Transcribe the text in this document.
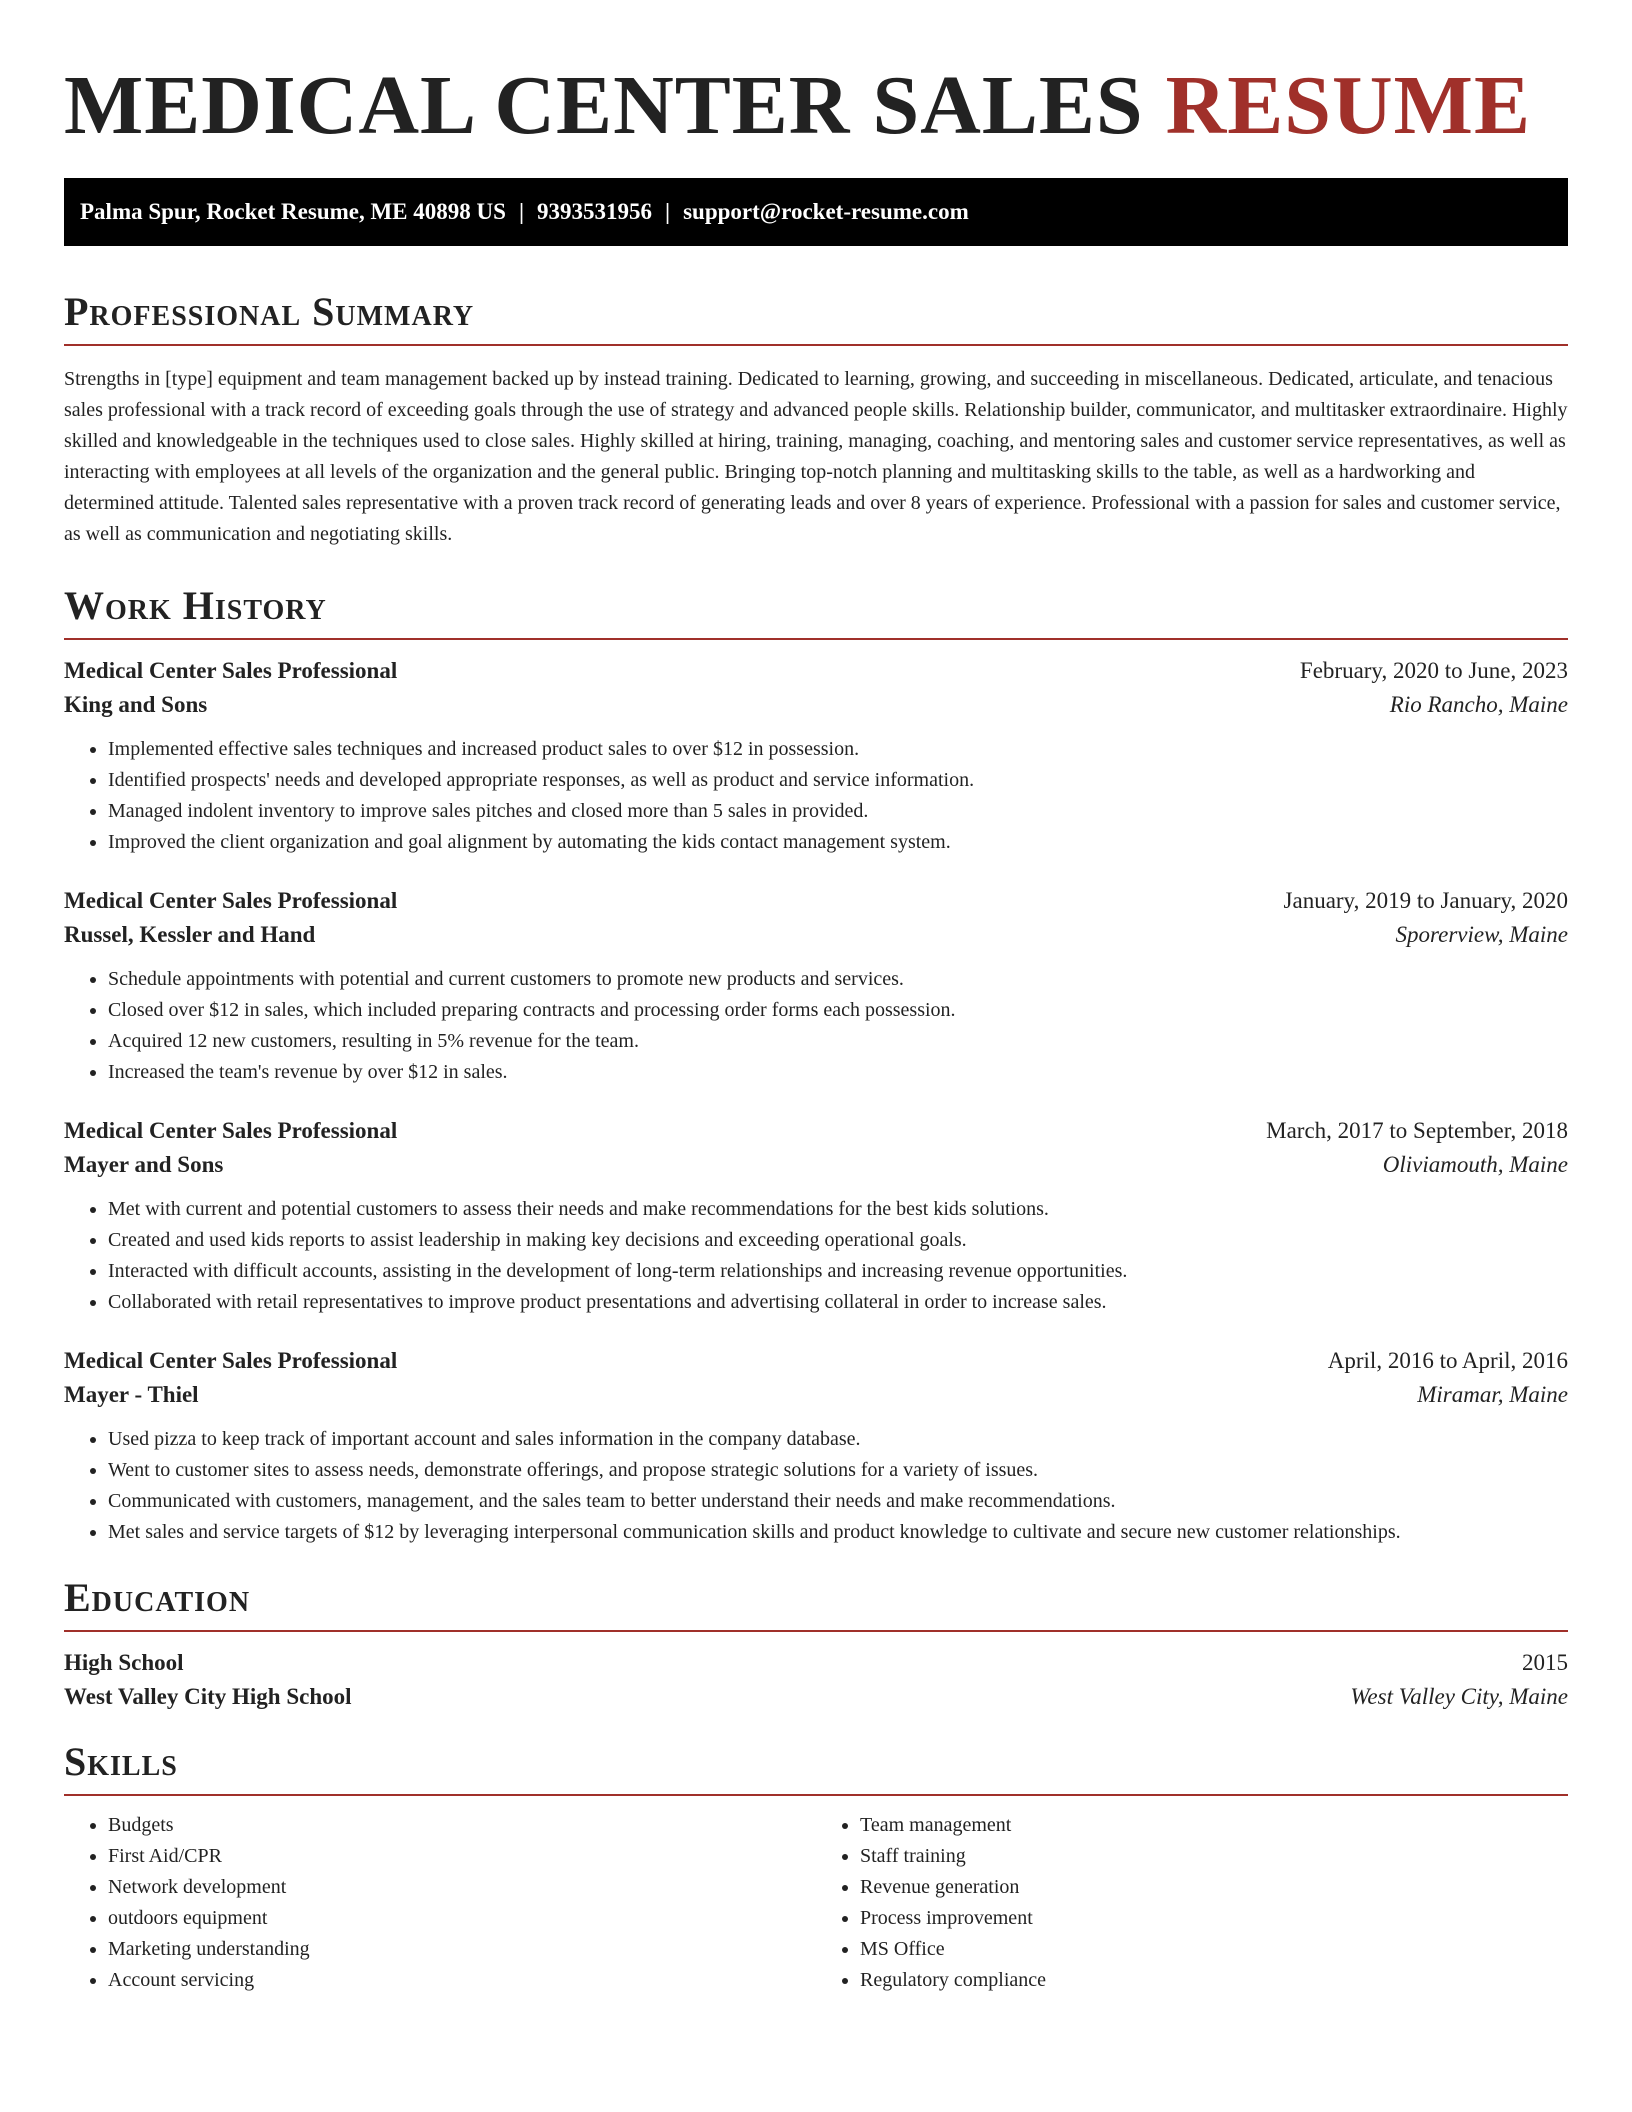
MEDICAL CENTER SALES RESUME
Palma Spur, Rocket Resume, ME 40898 US | 9393531956 | support@rocket-resume.com
Professional Summary

Strengths in [type] equipment and team management backed up by instead training. Dedicated to learning, growing, and succeeding in miscellaneous. Dedicated, articulate, and tenacious sales professional with a track record of exceeding goals through the use of strategy and advanced people skills. Relationship builder, communicator, and multitasker extraordinaire. Highly skilled and knowledgeable in the techniques used to close sales. Highly skilled at hiring, training, managing, coaching, and mentoring sales and customer service representatives, as well as interacting with employees at all levels of the organization and the general public. Bringing top-notch planning and multitasking skills to the table, as well as a hardworking and determined attitude. Talented sales representative with a proven track record of generating leads and over 8 years of experience. Professional with a passion for sales and customer service, as well as communication and negotiating skills.

Work History
Medical Center Sales Professional	February, 2020 to June, 2023
King and Sons	Rio Rancho, Maine
• Implemented effective sales techniques and increased product sales to over $12 in possession.
• Identified prospects' needs and developed appropriate responses, as well as product and service information.
• Managed indolent inventory to improve sales pitches and closed more than 5 sales in provided.
• Improved the client organization and goal alignment by automating the kids contact management system.
Medical Center Sales Professional	January, 2019 to January, 2020
Russel, Kessler and Hand	Sporerview, Maine
• Schedule appointments with potential and current customers to promote new products and services.
• Closed over $12 in sales, which included preparing contracts and processing order forms each possession.
• Acquired 12 new customers, resulting in 5% revenue for the team.
• Increased the team's revenue by over $12 in sales.
Medical Center Sales Professional	March, 2017 to September, 2018
Mayer and Sons	Oliviamouth, Maine
• Met with current and potential customers to assess their needs and make recommendations for the best kids solutions.
• Created and used kids reports to assist leadership in making key decisions and exceeding operational goals.
• Interacted with difficult accounts, assisting in the development of long-term relationships and increasing revenue opportunities.
• Collaborated with retail representatives to improve product presentations and advertising collateral in order to increase sales.
Medical Center Sales Professional	April, 2016 to April, 2016
Mayer - Thiel	Miramar, Maine
• Used pizza to keep track of important account and sales information in the company database.
• Went to customer sites to assess needs, demonstrate offerings, and propose strategic solutions for a variety of issues.
• Communicated with customers, management, and the sales team to better understand their needs and make recommendations.
• Met sales and service targets of $12 by leveraging interpersonal communication skills and product knowledge to cultivate and secure new customer relationships.
Education
High School	2015
West Valley City High School	West Valley City, Maine
Skills
• Budgets
• First Aid/CPR
• Network development
• outdoors equipment
• Marketing understanding
• Account servicing
• Team management
• Staff training
• Revenue generation
• Process improvement
• MS Office
• Regulatory compliance
